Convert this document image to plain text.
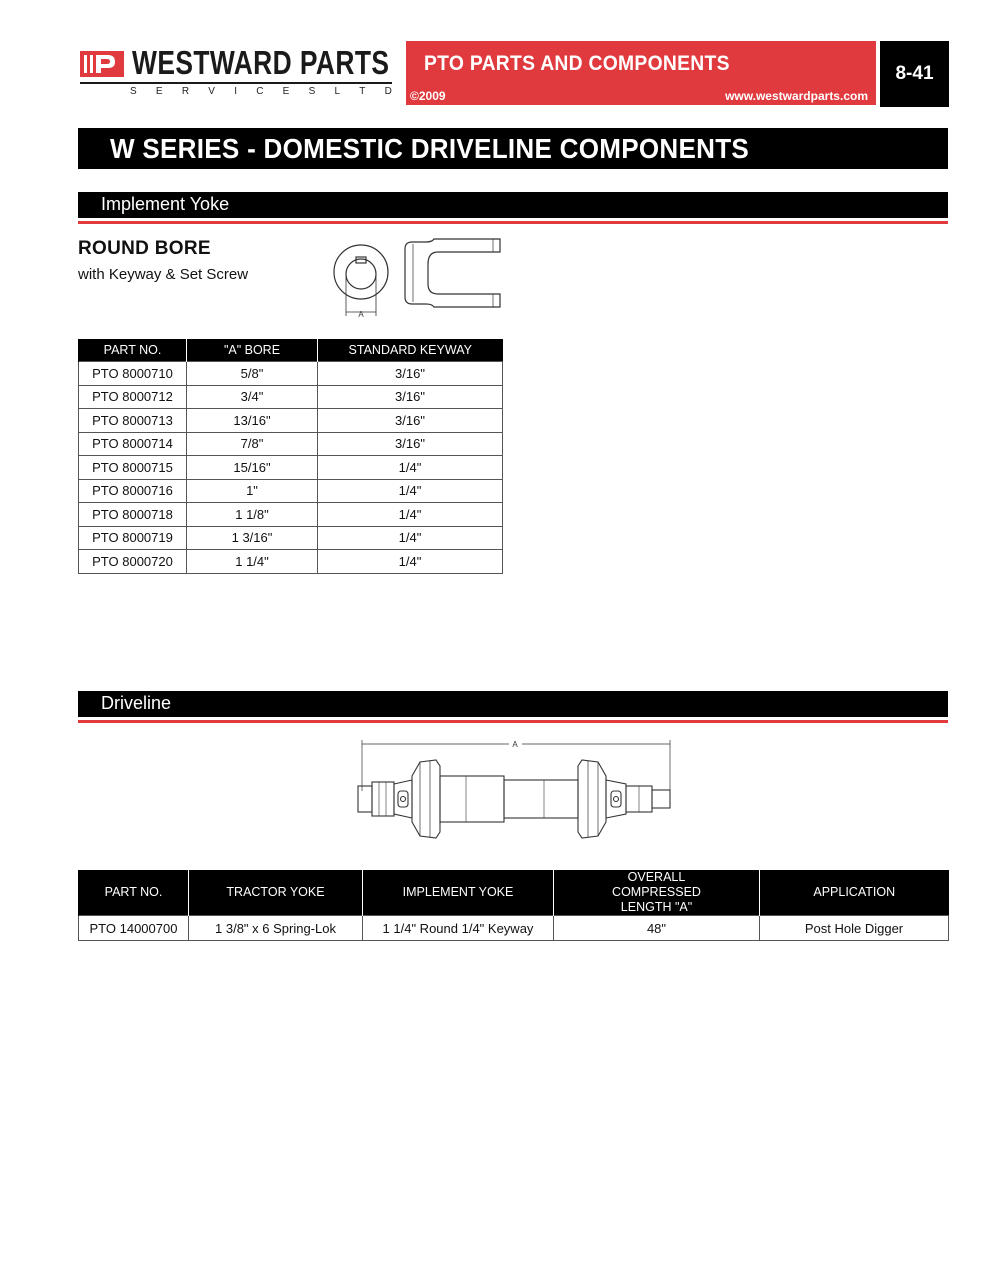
WESTWARD PARTS
S E R V I C E S L T D
PTO PARTS AND COMPONENTS
©2009	www.westwardparts.com
8-41
W SERIES - DOMESTIC DRIVELINE COMPONENTS
Implement Yoke
ROUND BORE
with Keyway & Set Screw
A
PART NO.	"A" BORE	STANDARD KEYWAY
PTO 8000710	5/8"	3/16"
PTO 8000712	3/4"	3/16"
PTO 8000713	13/16"	3/16"
PTO 8000714	7/8"	3/16"
PTO 8000715	15/16"	1/4"
PTO 8000716	1"	1/4"
PTO 8000718	1 1/8"	1/4"
PTO 8000719	1 3/16"	1/4"
PTO 8000720	1 1/4"	1/4"
Driveline
A
PART NO.	TRACTOR YOKE	IMPLEMENT YOKE	OVERALL COMPRESSED LENGTH "A"	APPLICATION
PTO 14000700	1 3/8" x 6 Spring-Lok	1 1/4" Round 1/4" Keyway	48"	Post Hole Digger
